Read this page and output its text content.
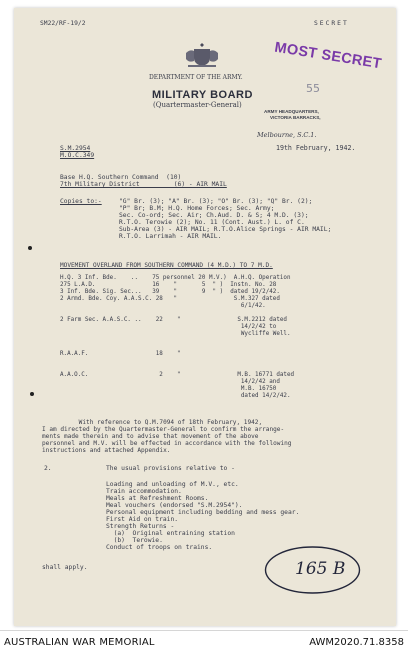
SM22/RF-19/2	SECRET
MOST SECRET
55
DEPARTMENT OF THE ARMY.
MILITARY BOARD
(Quartermaster-General)
ARMY HEADQUARTERS,
VICTORIA BARRACKS,
Melbourne, S.C.1.
S.M.2954
M.O.C.349
19th February, 1942.
Base H.Q. Southern Command  (10)
7th Military District         (6) - AIR MAIL
Copies to:-	"G" Br. (3); "A" Br. (3); "O" Br. (3); "Q" Br. (2);
"P" Br; B.M; H.Q. Home Forces; Sec. Army;
Sec. Co-ord; Sec. Air; Ch.Aud. D. & S; 4 M.D. (3);
R.T.O. Terowie (2); No. 11 (Cont. Aust.) L. of C.
Sub-Area (3) - AIR MAIL; R.T.O.Alice Springs - AIR MAIL;
R.T.O. Larrimah - AIR MAIL.
MOVEMENT OVERLAND FROM SOUTHERN COMMAND (4 M.D.) TO 7 M.D.
H.Q. 3 Inf. Bde.    ..    75 personnel 20 M.V.)  A.H.Q. Operation
275 L.A.D.                16    "       5  " )  Instn. No. 28
3 Inf. Bde. Sig. Sec...   39    "       9  " )  dated 19/2/42.
2 Armd. Bde. Coy. A.A.S.C. 28   "                S.M.327 dated
6/1/42.
2 Farm Sec. A.A.S.C. ..    22    "                S.M.2212 dated
14/2/42 to
Wycliffe Well.
R.A.A.F.                   18    "
A.A.O.C.                    2    "                M.B. 16771 dated
14/2/42 and
M.B. 16750
dated 14/2/42.
With reference to Q.M.7094 of 18th February, 1942,
I am directed by the Quartermaster-General to confirm the arrange-
ments made therein and to advise that movement of the above
personnel and M.V. will be effected in accordance with the following
instructions and attached Appendix.
2.	The usual provisions relative to -
Loading and unloading of M.V., etc.
Train accommodation.
Meals at Refreshment Rooms.
Meal vouchers (endorsed "S.M.2954").
Personal equipment including bedding and mess gear.
First Aid on train.
Strength Returns -
(a)  Original entraining station
(b)  Terowie.
Conduct of troops on trains.
shall apply.	165 B
AUSTRALIAN WAR MEMORIAL	AWM2020.71.8358
